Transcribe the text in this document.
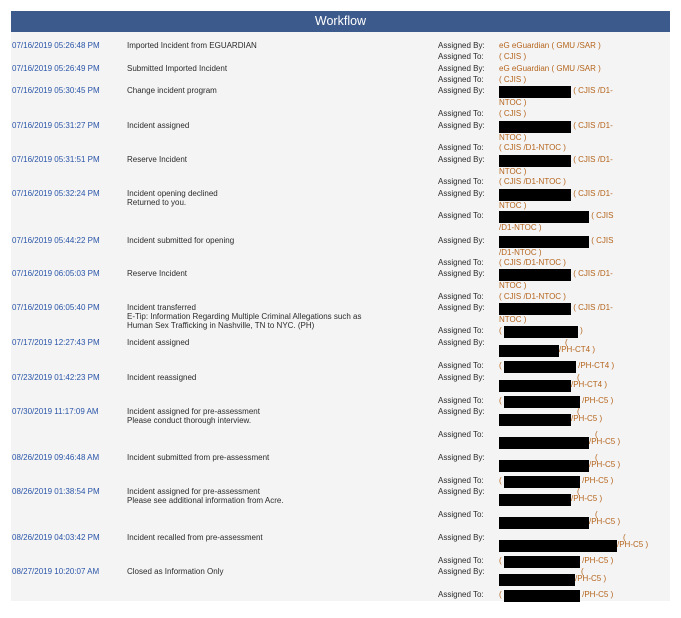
Workflow
07/16/2019 05:26:48 PM	Imported Incident from EGUARDIAN	Assigned By: eG eGuardian ( GMU /SAR )
Assigned To: ( CJIS )
07/16/2019 05:26:49 PM	Submitted Imported Incident	Assigned By: eG eGuardian ( GMU /SAR )
Assigned To: ( CJIS )
07/16/2019 05:30:45 PM	Change incident program	Assigned By:	( CJIS /D1-
NTOC )
Assigned To: ( CJIS )
07/16/2019 05:31:27 PM	Incident assigned	Assigned By:	( CJIS /D1-
NTOC )
Assigned To: ( CJIS /D1-NTOC )
07/16/2019 05:31:51 PM	Reserve Incident	Assigned By:	( CJIS /D1-
NTOC )
Assigned To: ( CJIS /D1-NTOC )
07/16/2019 05:32:24 PM	Incident opening declined
Returned to you.
Assigned By:	( CJIS /D1-
NTOC )
Assigned To:	( CJIS
/D1-NTOC )
07/16/2019 05:44:22 PM	Incident submitted for opening	Assigned By:	( CJIS
/D1-NTOC )
Assigned To: ( CJIS /D1-NTOC )
07/16/2019 06:05:03 PM	Reserve Incident	Assigned By:	( CJIS /D1-
NTOC )
Assigned To: ( CJIS /D1-NTOC )
07/16/2019 06:05:40 PM	Incident transferred
E-Tip: Information Regarding Multiple Criminal Allegations such as
Human Sex Trafficking in Nashville, TN to NYC. (PH)
Assigned By:	( CJIS /D1-
NTOC )
Assigned To: (	)
07/17/2019 12:27:43 PM	Incident assigned	Assigned By:	(
/PH-CT4 )
Assigned To: (	/PH-CT4 )
07/23/2019 01:42:23 PM	Incident reassigned	Assigned By:	(
/PH-CT4 )
Assigned To: (	/PH-C5 )
07/30/2019 11:17:09 AM	Incident assigned for pre-assessment
Please conduct thorough interview.
Assigned By:	(
/PH-C5 )
Assigned To:	(
/PH-C5 )
08/26/2019 09:46:48 AM	Incident submitted from pre-assessment	Assigned By:	(
/PH-C5 )
Assigned To: (	/PH-C5 )
08/26/2019 01:38:54 PM	Incident assigned for pre-assessment
Please see additional information from Acre.
Assigned By:	(
/PH-C5 )
Assigned To:	(
/PH-C5 )
08/26/2019 04:03:42 PM	Incident recalled from pre-assessment	Assigned By:	(
/PH-C5 )
Assigned To: (	/PH-C5 )
08/27/2019 10:20:07 AM	Closed as Information Only	Assigned By:	(
/PH-C5 )
Assigned To: (	/PH-C5 )
